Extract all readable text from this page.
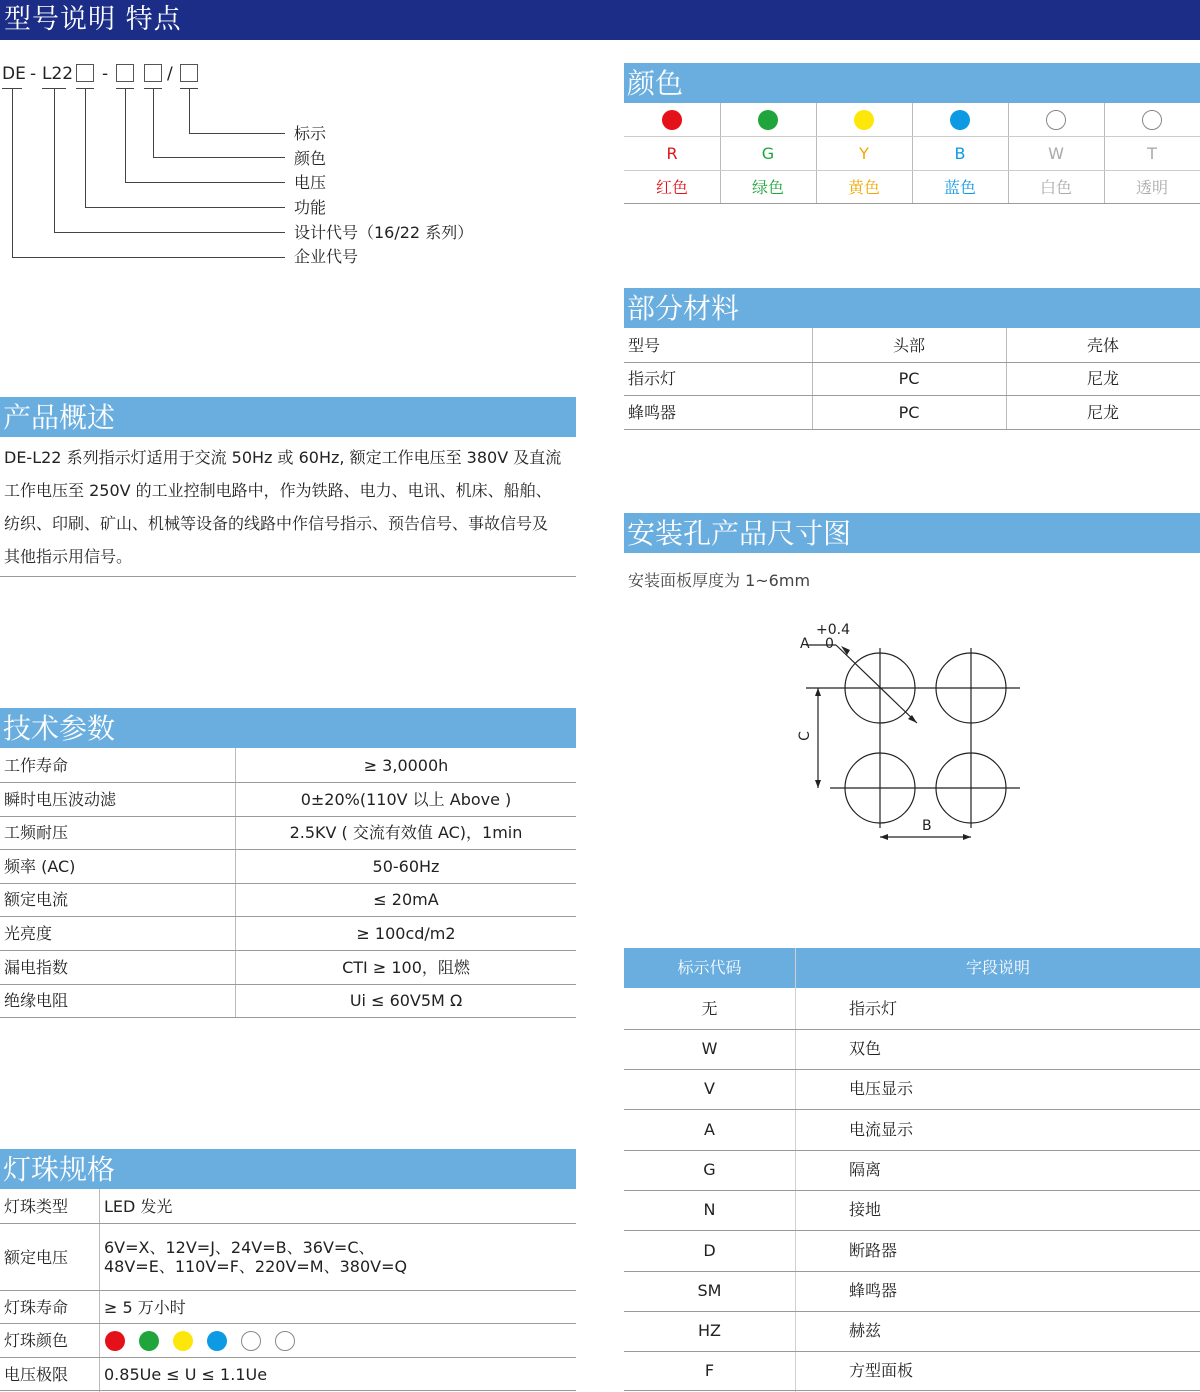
型号说明 特点
DE - L22 -	/
标示
颜色
电压
功能
设计代号（16/22 系列）
企业代号
产品概述
DE-L22 系列指示灯适用于交流 50Hz 或 60Hz, 额定工作电压至 380V 及直流
工作电压至 250V 的工业控制电路中，作为铁路、电力、电讯、机床、船舶、
纺织、印刷、矿山、机械等设备的线路中作信号指示、预告信号、事故信号及
其他指示用信号。
技术参数
工作寿命	≥ 3,0000h
瞬时电压波动滤	0±20%(110V 以上 Above )
工频耐压	2.5KV ( 交流有效值 AC)，1min
频率 (AC)	50-60Hz
额定电流	≤ 20mA
光亮度	≥ 100cd/m2
漏电指数	CTI ≥ 100，阻燃
绝缘电阻	Ui ≤ 60V5M Ω
灯珠规格
灯珠类型 LED 发光
额定电压
6V=X、12V=J、24V=B、36V=C、
48V=E、110V=F、220V=M、380V=Q
灯珠寿命 ≥ 5 万小时
灯珠颜色
电压极限 0.85Ue ≤ U ≤ 1.1Ue
颜色
R	G	Y	B	W	T
红色	绿色	黄色	蓝色	白色	透明
部分材料
型号	头部	壳体
指示灯	PC	尼龙
蜂鸣器	PC	尼龙
安装孔产品尺寸图
安装面板厚度为 1~6mm
A
+0.4
0
B
C
标示代码	字段说明
无	指示灯
W	双色
V	电压显示
A	电流显示
G	隔离
N	接地
D	断路器
SM	蜂鸣器
HZ	赫兹
F	方型面板
